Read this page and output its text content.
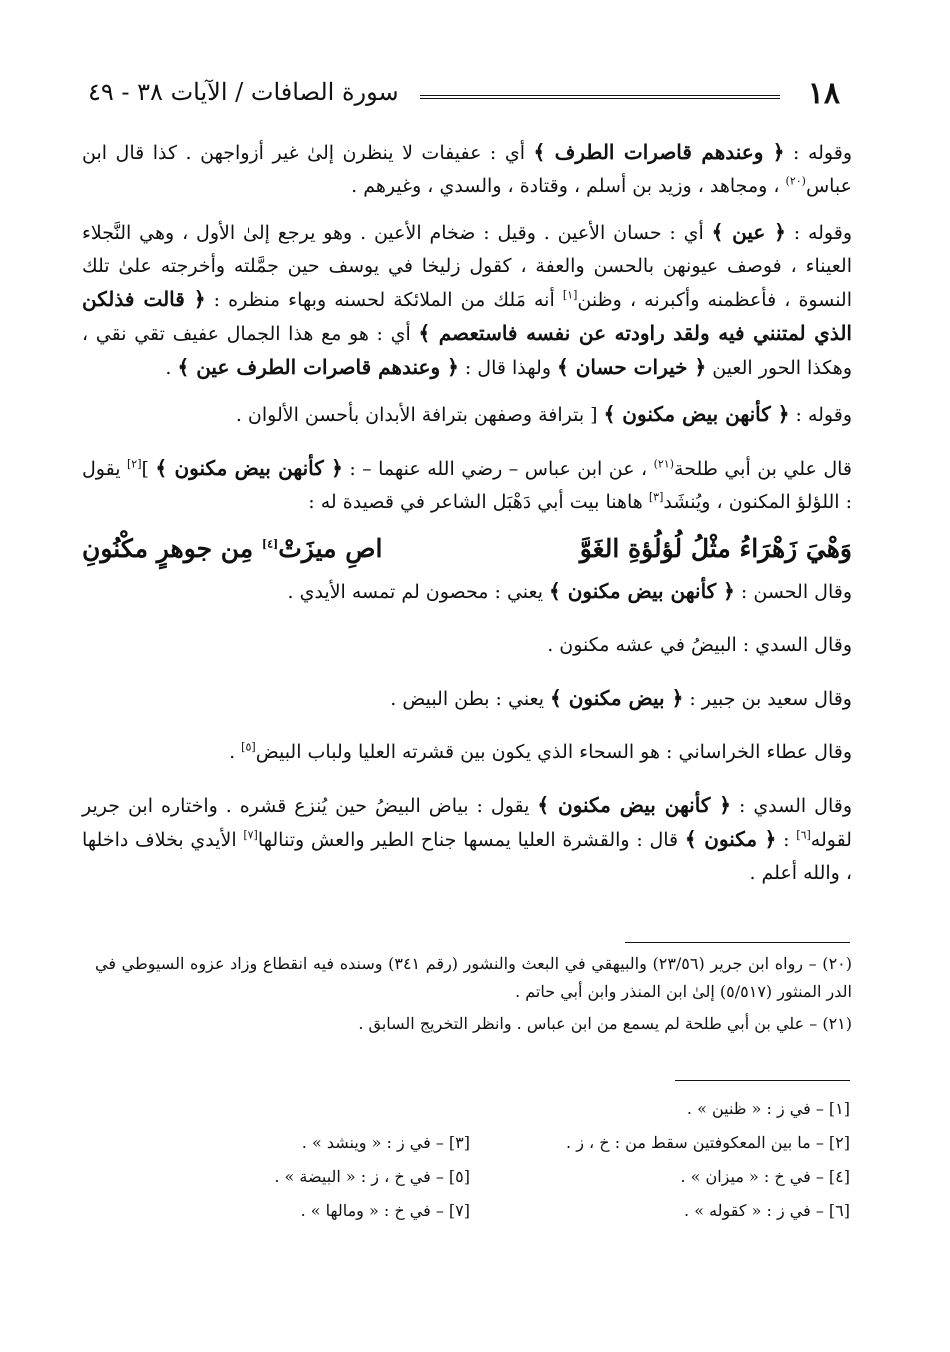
١٨
سورة الصافات / الآيات ٣٨ - ٤٩

وقوله : ﴿ وعندهم قاصرات الطرف ﴾ أي : عفيفات لا ينظرن إلىٰ غير أزواجهن . كذا قال ابن عباس$^{(٢٠)}$ ، ومجاهد ، وزيد بن أسلم ، وقتادة ، والسدي ، وغيرهم .

وقوله : ﴿ عين ﴾ أي : حسان الأعين . وقيل : ضخام الأعين . وهو يرجع إلىٰ الأول ، وهي النَّجلاء العيناء ، فوصف عيونهن بالحسن والعفة ، كقول زليخا في يوسف حين جمَّلته وأخرجته علىٰ تلك النسوة ، فأعظمنه وأكبرنه ، وظنن[١] أنه مَلك من الملائكة لحسنه وبهاء منظره : ﴿ قالت فذلكن الذي لمتنني فيه ولقد راودته عن نفسه فاستعصم ﴾ أي : هو مع هذا الجمال عفيف تقي نقي ، وهكذا الحور العين ﴿ خيرات حسان ﴾ ولهذا قال : ﴿ وعندهم قاصرات الطرف عين ﴾ .

وقوله : ﴿ كأنهن بيض مكنون ﴾ [ بترافة وصفهن بترافة الأبدان بأحسن الألوان .

قال علي بن أبي طلحة$^{(٢١)}$ ، عن ابن عباس – رضي الله عنهما – : ﴿ كأنهن بيض مكنون ﴾ ][٢] يقول : اللؤلؤ المكنون ، ويُنشَد[٣] هاهنا بيت أبي دَهْبَل الشاعر في قصيدة له :

وَهْيَ زَهْرَاءُ مثْلُ لُؤلُؤةِ الغَوَّ
اصِ ميزَتْ[٤] مِن جوهرٍ مكْنُونِ

وقال الحسن : ﴿ كأنهن بيض مكنون ﴾ يعني : محصون لم تمسه الأيدي .

وقال السدي : البيضُ في عشه مكنون .

وقال سعيد بن جبير : ﴿ بيض مكنون ﴾ يعني : بطن البيض .

وقال عطاء الخراساني : هو السحاء الذي يكون بين قشرته العليا ولباب البيض[٥] .

وقال السدي : ﴿ كأنهن بيض مكنون ﴾ يقول : بياض البيضُ حين يُنزع قشره . واختاره ابن جرير لقوله[٦] : ﴿ مكنون ﴾ قال : والقشرة العليا يمسها جناح الطير والعش وتنالها[٧] الأيدي بخلاف داخلها ، والله أعلم .

(٢٠) – رواه ابن جرير (٢٣/٥٦) والبيهقي في البعث والنشور (رقم ٣٤١) وسنده فيه انقطاع وزاد عزوه السيوطي في الدر المنثور (٥/٥١٧) إلىٰ ابن المنذر وابن أبي حاتم .

(٢١) – علي بن أبي طلحة لم يسمع من ابن عباس . وانظر التخريج السابق .

[١] – في ز : « ظنين » .
[٢] – ما بين المعكوفتين سقط من : خ ، ز .
[٣] – في ز : « وينشد » .
[٤] – في خ : « ميزان » .
[٥] – في خ ، ز : « البيضة » .
[٦] – في ز : « كقوله » .
[٧] – في خ : « ومالها » .
